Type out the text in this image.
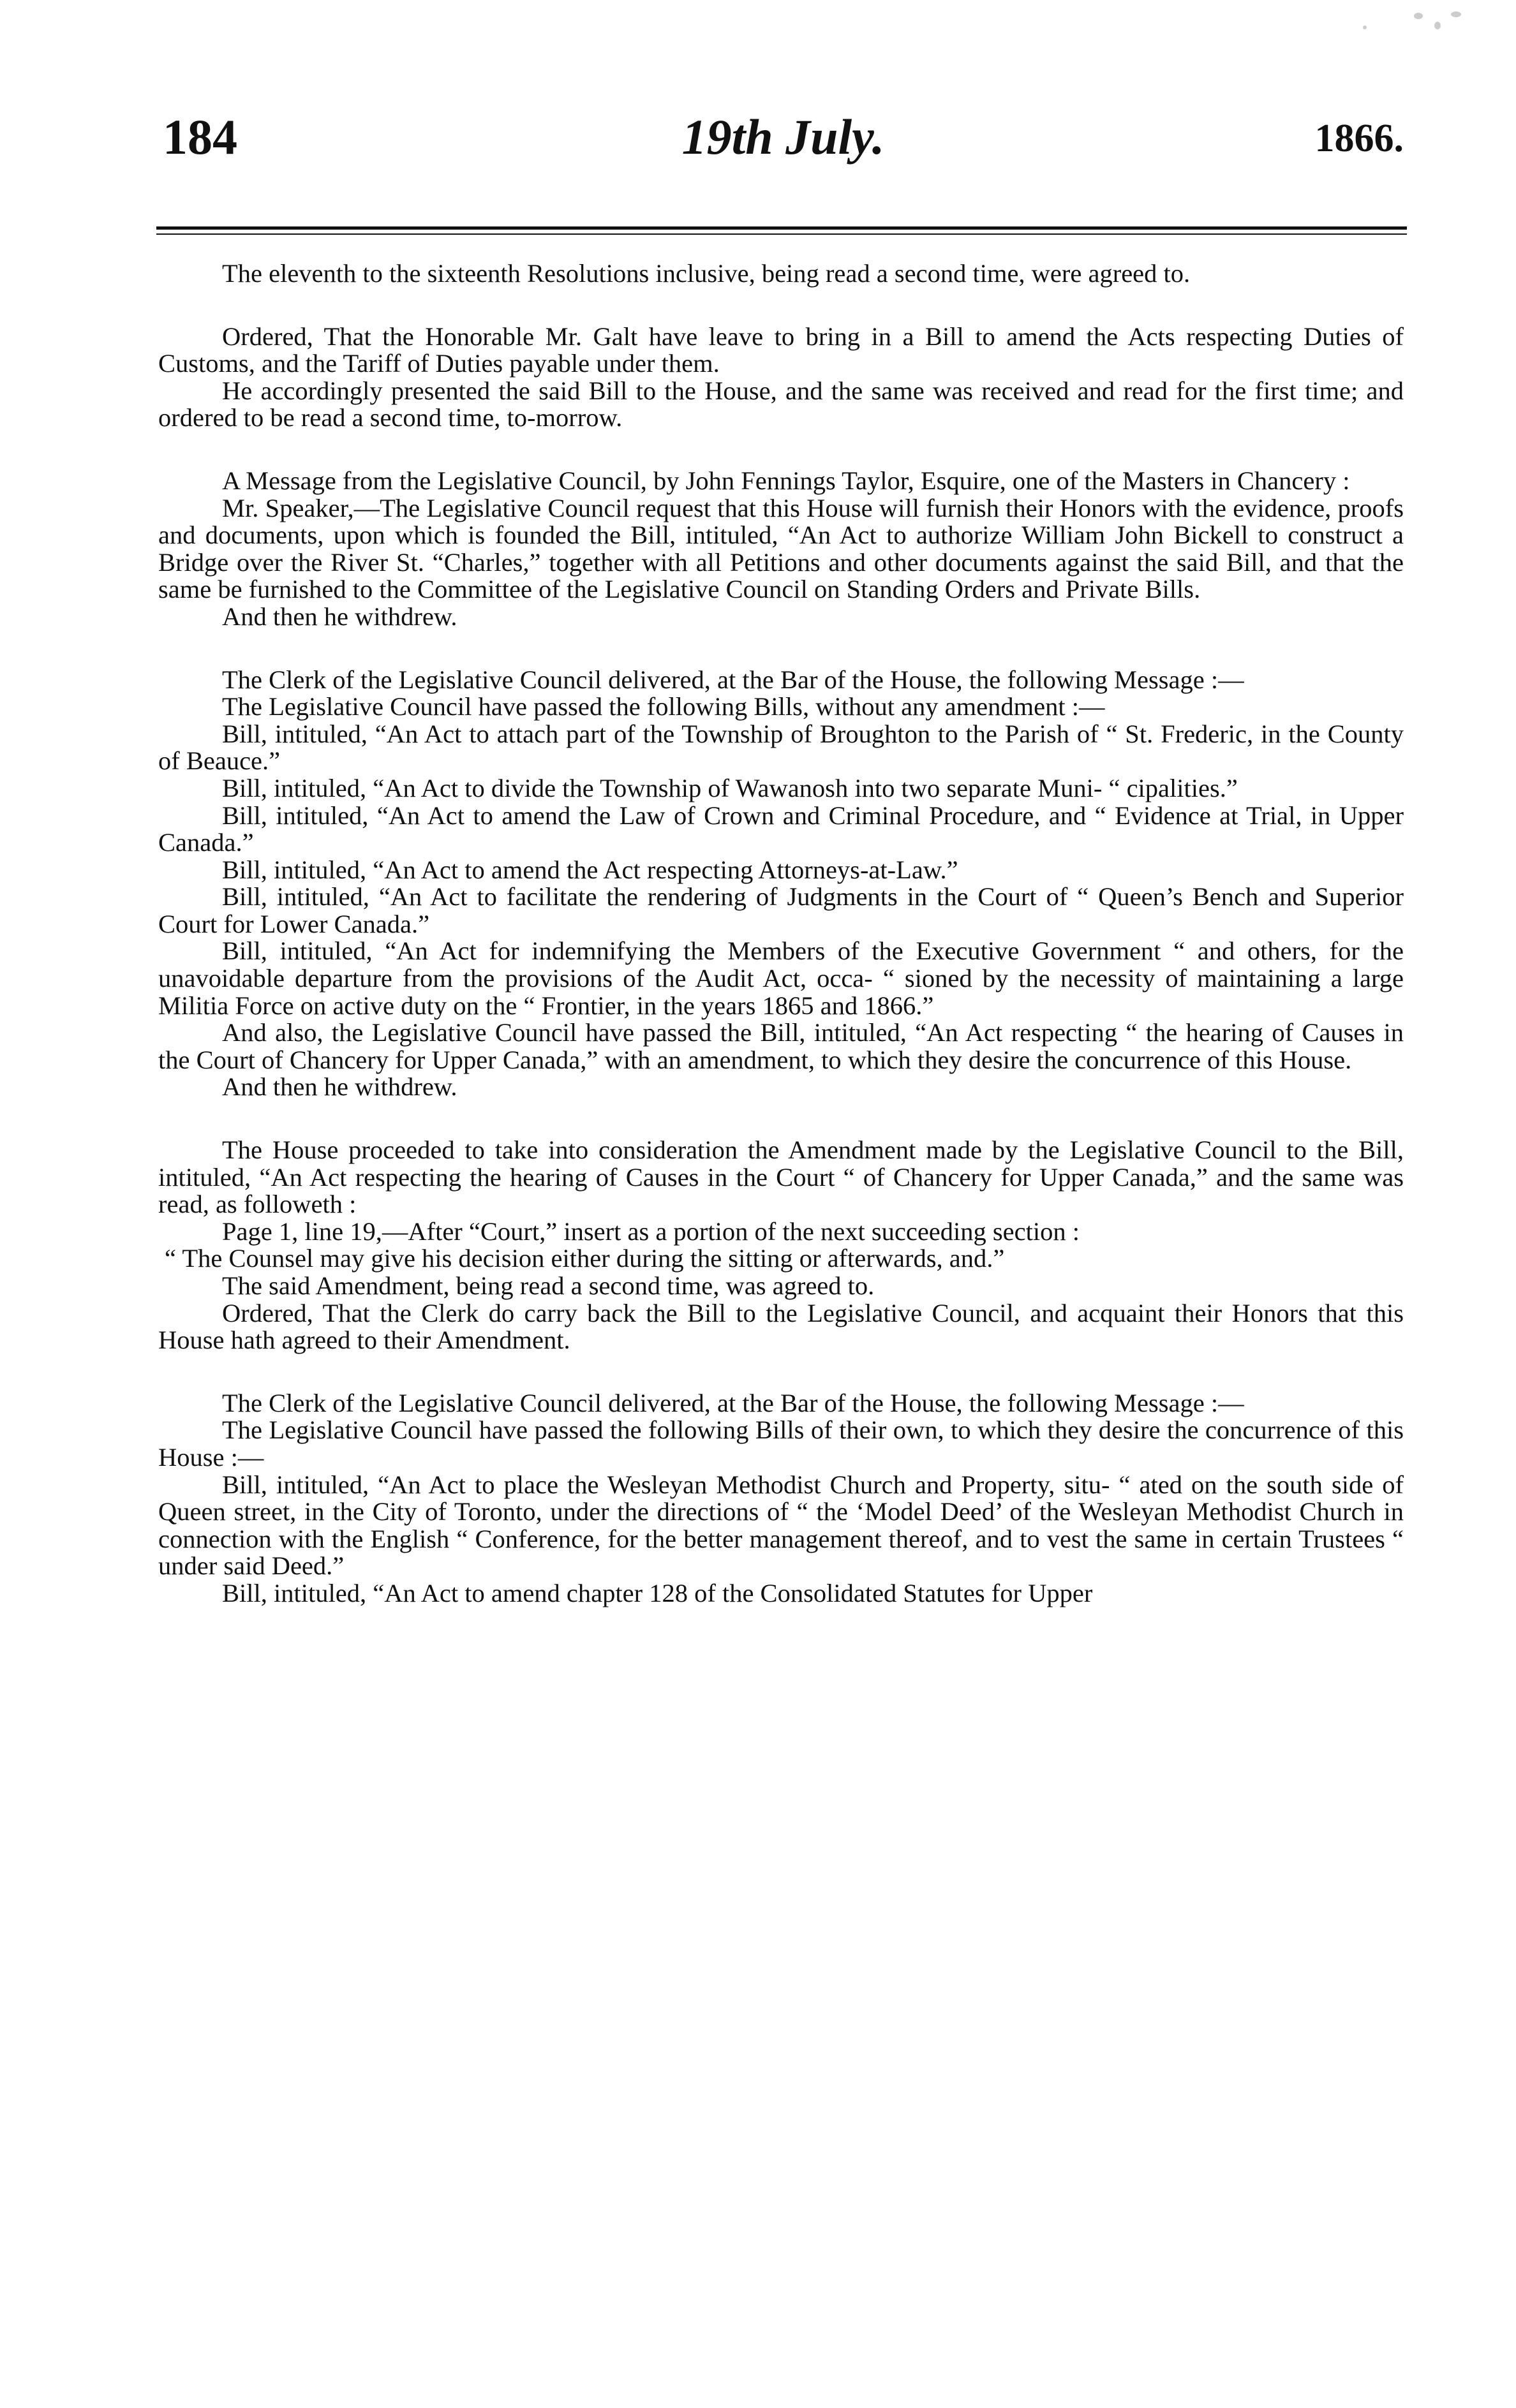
184	19th July.	1866.

The eleventh to the sixteenth Resolutions inclusive, being read a second time, were agreed to.

Ordered, That the Honorable Mr. Galt have leave to bring in a Bill to amend the Acts respecting Duties of Customs, and the Tariff of Duties payable under them.

He accordingly presented the said Bill to the House, and the same was received and read for the first time; and ordered to be read a second time, to-morrow.

A Message from the Legislative Council, by John Fennings Taylor, Esquire, one of the Masters in Chancery :

Mr. Speaker,—The Legislative Council request that this House will furnish their Honors with the evidence, proofs and documents, upon which is founded the Bill, intituled, “An Act to authorize William John Bickell to construct a Bridge over the River St. “Charles,” together with all Petitions and other documents against the said Bill, and that the same be furnished to the Committee of the Legislative Council on Standing Orders and Private Bills.

And then he withdrew.

The Clerk of the Legislative Council delivered, at the Bar of the House, the following Message :—

The Legislative Council have passed the following Bills, without any amendment :—

Bill, intituled, “An Act to attach part of the Township of Broughton to the Parish of “ St. Frederic, in the County of Beauce.”

Bill, intituled, “An Act to divide the Township of Wawanosh into two separate Muni- “ cipalities.”

Bill, intituled, “An Act to amend the Law of Crown and Criminal Procedure, and “ Evidence at Trial, in Upper Canada.”

Bill, intituled, “An Act to amend the Act respecting Attorneys-at-Law.”

Bill, intituled, “An Act to facilitate the rendering of Judgments in the Court of “ Queen’s Bench and Superior Court for Lower Canada.”

Bill, intituled, “An Act for indemnifying the Members of the Executive Government “ and others, for the unavoidable departure from the provisions of the Audit Act, occa- “ sioned by the necessity of maintaining a large Militia Force on active duty on the “ Frontier, in the years 1865 and 1866.”

And also, the Legislative Council have passed the Bill, intituled, “An Act respecting “ the hearing of Causes in the Court of Chancery for Upper Canada,” with an amendment, to which they desire the concurrence of this House.

And then he withdrew.

The House proceeded to take into consideration the Amendment made by the Legislative Council to the Bill, intituled, “An Act respecting the hearing of Causes in the Court “ of Chancery for Upper Canada,” and the same was read, as followeth :

Page 1, line 19,—After “Court,” insert as a portion of the next succeeding section :

“ The Counsel may give his decision either during the sitting or afterwards, and.”

The said Amendment, being read a second time, was agreed to.

Ordered, That the Clerk do carry back the Bill to the Legislative Council, and acquaint their Honors that this House hath agreed to their Amendment.

The Clerk of the Legislative Council delivered, at the Bar of the House, the following Message :—

The Legislative Council have passed the following Bills of their own, to which they desire the concurrence of this House :—

Bill, intituled, “An Act to place the Wesleyan Methodist Church and Property, situ- “ ated on the south side of Queen street, in the City of Toronto, under the directions of “ the ‘Model Deed’ of the Wesleyan Methodist Church in connection with the English “ Conference, for the better management thereof, and to vest the same in certain Trustees “ under said Deed.”

Bill, intituled, “An Act to amend chapter 128 of the Consolidated Statutes for Upper
